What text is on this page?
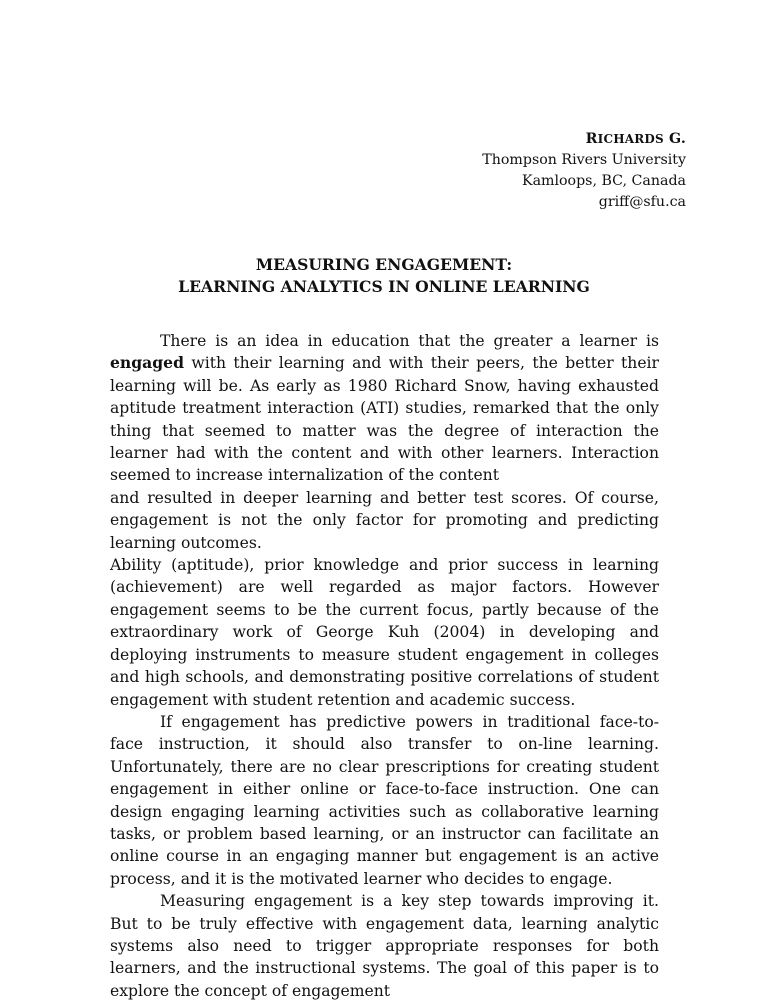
RICHARDS G.
Thompson Rivers University
Kamloops, BC, Canada
griff@sfu.ca
MEASURING ENGAGEMENT:
LEARNING ANALYTICS IN ONLINE LEARNING

There is an idea in education that the greater a learner is engaged with their learning and with their peers, the better their learning will be. As early as 1980 Richard Snow, having exhausted aptitude treatment interaction (ATI) studies, remarked that the only thing that seemed to matter was the degree of interaction the learner had with the content and with other learners. Interaction seemed to increase internalization of the content

and resulted in deeper learning and better test scores. Of course, engagement is not the only factor for promoting and predicting learning outcomes.

Ability (aptitude), prior knowledge and prior success in learning (achievement) are well regarded as major factors. However engagement seems to be the current focus, partly because of the extraordinary work of George Kuh (2004) in developing and deploying instruments to measure student engagement in colleges and high schools, and demonstrating positive correlations of student engagement with student retention and academic success.

If engagement has predictive powers in traditional face-to-face instruction, it should also transfer to on-line learning. Unfortunately, there are no clear prescriptions for creating student engagement in either online or face-to-face instruction. One can design engaging learning activities such as collaborative learning tasks, or problem based learning, or an instructor can facilitate an online course in an engaging manner but engagement is an active process, and it is the motivated learner who decides to engage.

Measuring engagement is a key step towards improving it. But to be truly effective with engagement data, learning analytic systems also need to trigger appropriate responses for both learners, and the instructional systems. The goal of this paper is to explore the concept of engagement
